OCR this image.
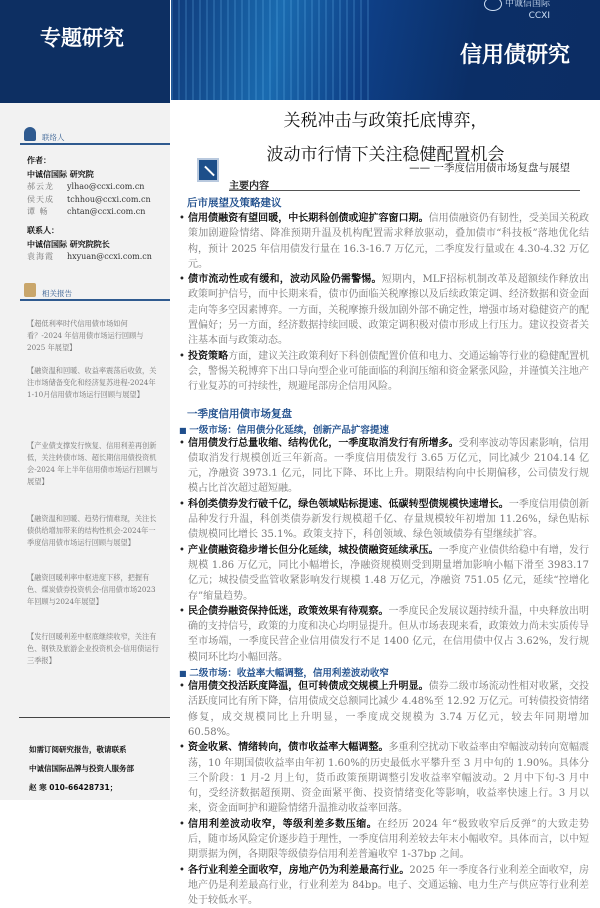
专题研究
中诚信国际
CCXI
信用债研究
联络人
作者：
中诚信国际 研究院
郝云龙 ylhao@ccxi.com.cn
侯天成 tchhou@ccxi.com.cn
谭 畅 chtan@ccxi.com.cn
联系人：
中诚信国际 研究院院长
袁海霞 hxyuan@ccxi.com.cn
相关报告
【超低利率时代信用债市场如何看？-2024 年信用债市场运行回顾与 2025 年展望】
【融资温和回暖、收益率震荡后收敛，关注市场储备变化和经济复苏进程-2024年1-10月信用债市场运行回顾与展望】
【产业债支撑发行恢复、信用利差再创新低，关注转债市场、超长期信用债投资机会-2024 年上半年信用债市场运行回顾与展望】
【融资温和回暖、趋势行情难现，关注长债供给增加带来的结构性机会-2024年一季度信用债市场运行回顾与展望】
【融资回暖利率中枢进度下移，把握有色、煤炭债券投资机会-信用债市场2023年回顾与2024年展望】
【发行回暖利差中枢底继续收窄，关注有色、钢铁及旅游企业投资机会-信用债运行三季报】
如需订阅研究报告，敬请联系
中诚信国际品牌与投资人服务部
赵 寒 010-66428731；
关税冲击与政策托底博弈，
波动市行情下关注稳健配置机会
—— 一季度信用债市场复盘与展望
主要内容
后市展望及策略建议
• 信用债融资有望回暖，中长期科创债或迎扩容窗口期。信用债融资仍有韧性，受美国关税政策加剧避险情绪、降准预期升温及机构配置需求释放驱动，叠加债市“科技板”落地优化结构，预计 2025 年信用债发行量在 16.3-16.7 万亿元，二季度发行量或在 4.30-4.32 万亿元。
• 债市流动性或有缓和，波动风险仍需警惕。短期内，MLF招标机制改革及超额续作释放出政策呵护信号，而中长期来看，债市仍面临关税摩擦以及后续政策定调、经济数据和资金面走向等多空因素博弈。一方面，关税摩擦升级加剧外部不确定性，增强市场对稳健资产的配置偏好；另一方面，经济数据持续回暖、政策定调积极对债市形成上行压力。建议投资者关注基本面与政策动态。
• 投资策略方面，建议关注政策利好下科创债配置价值和电力、交通运输等行业的稳健配置机会，警惕关税博弈下出口导向型企业可能面临的利润压缩和资金紧张风险，并谨慎关注地产行业复苏的可持续性，规避尾部房企信用风险。
一季度信用债市场复盘
■ 一级市场：信用债分化延续，创新产品扩容提速
• 信用债发行总量收缩、结构优化，一季度取消发行有所增多。受利率波动等因素影响，信用债取消发行规模创近三年新高。一季度信用债发行 3.65 万亿元，同比减少 2104.14 亿元，净融资 3973.1 亿元，同比下降、环比上升。期限结构向中长期偏移，公司债发行规模占比首次超过超短融。
• 科创类债券发行破千亿，绿色领域贴标提速、低碳转型债规模快速增长。一季度信用债创新品种发行升温，科创类债券新发行规模超千亿、存量规模较年初增加 11.26%，绿色贴标债规模同比增长 35.1%。政策支持下，科创领域、绿色领域债券有望继续扩容。
• 产业债融资稳步增长但分化延续，城投债融资延续承压。一季度产业债供给稳中有增，发行规模 1.86 万亿元，同比小幅增长，净融资规模则受到期量增加影响小幅下滑至 3983.17 亿元；城投债受监管收紧影响发行规模 1.48 万亿元，净融资 751.05 亿元，延续“控增化存”缩量趋势。
• 民企债券融资保持低迷，政策效果有待观察。一季度民企发展议题持续升温，中央释放出明确的支持信号，政策的力度和决心均明显提升。但从市场表现来看，政策效力尚未实质传导至市场端，一季度民营企业信用债发行不足 1400 亿元，在信用债中仅占 3.62%，发行规模同环比均小幅回落。
■ 二级市场：收益率大幅调整，信用利差波动收窄
• 信用债交投活跃度降温，但可转债成交规模上升明显。债券二级市场流动性相对收紧，交投活跃度同比有所下降，信用债成交总额同比减少 4.48%至 12.92 万亿元。可转债投资情绪修复，成交规模同比上升明显，一季度成交规模为 3.74 万亿元，较去年同期增加 60.58%。
• 资金收紧、情绪转向，债市收益率大幅调整。多重利空扰动下收益率由窄幅波动转向宽幅震荡，10 年期国债收益率由年初 1.60%的历史最低水平攀升至 3 月中旬的 1.90%。具体分三个阶段：1 月-2 月上旬，货币政策预期调整引发收益率窄幅波动。2 月中下旬-3 月中旬，受经济数据超预期、资金面紧平衡、投资情绪变化等影响，收益率快速上行。3 月以来，资金面呵护和避险情绪升温推动收益率回落。
• 信用利差波动收窄，等级利差多数压缩。在经历 2024 年“极致收窄后反弹”的大致走势后，随市场风险定价逐步趋于理性，一季度信用利差较去年末小幅收窄。具体而言，以中短期票据为例，各期限等级债券信用利差普遍收窄 1-37bp 之间。
• 各行业利差全面收窄，房地产仍为利差最高行业。2025 年一季度各行业利差全面收窄，房地产仍是利差最高行业，行业利差为 84bp。电子、交通运输、电力生产与供应等行业利差处于较低水平。
